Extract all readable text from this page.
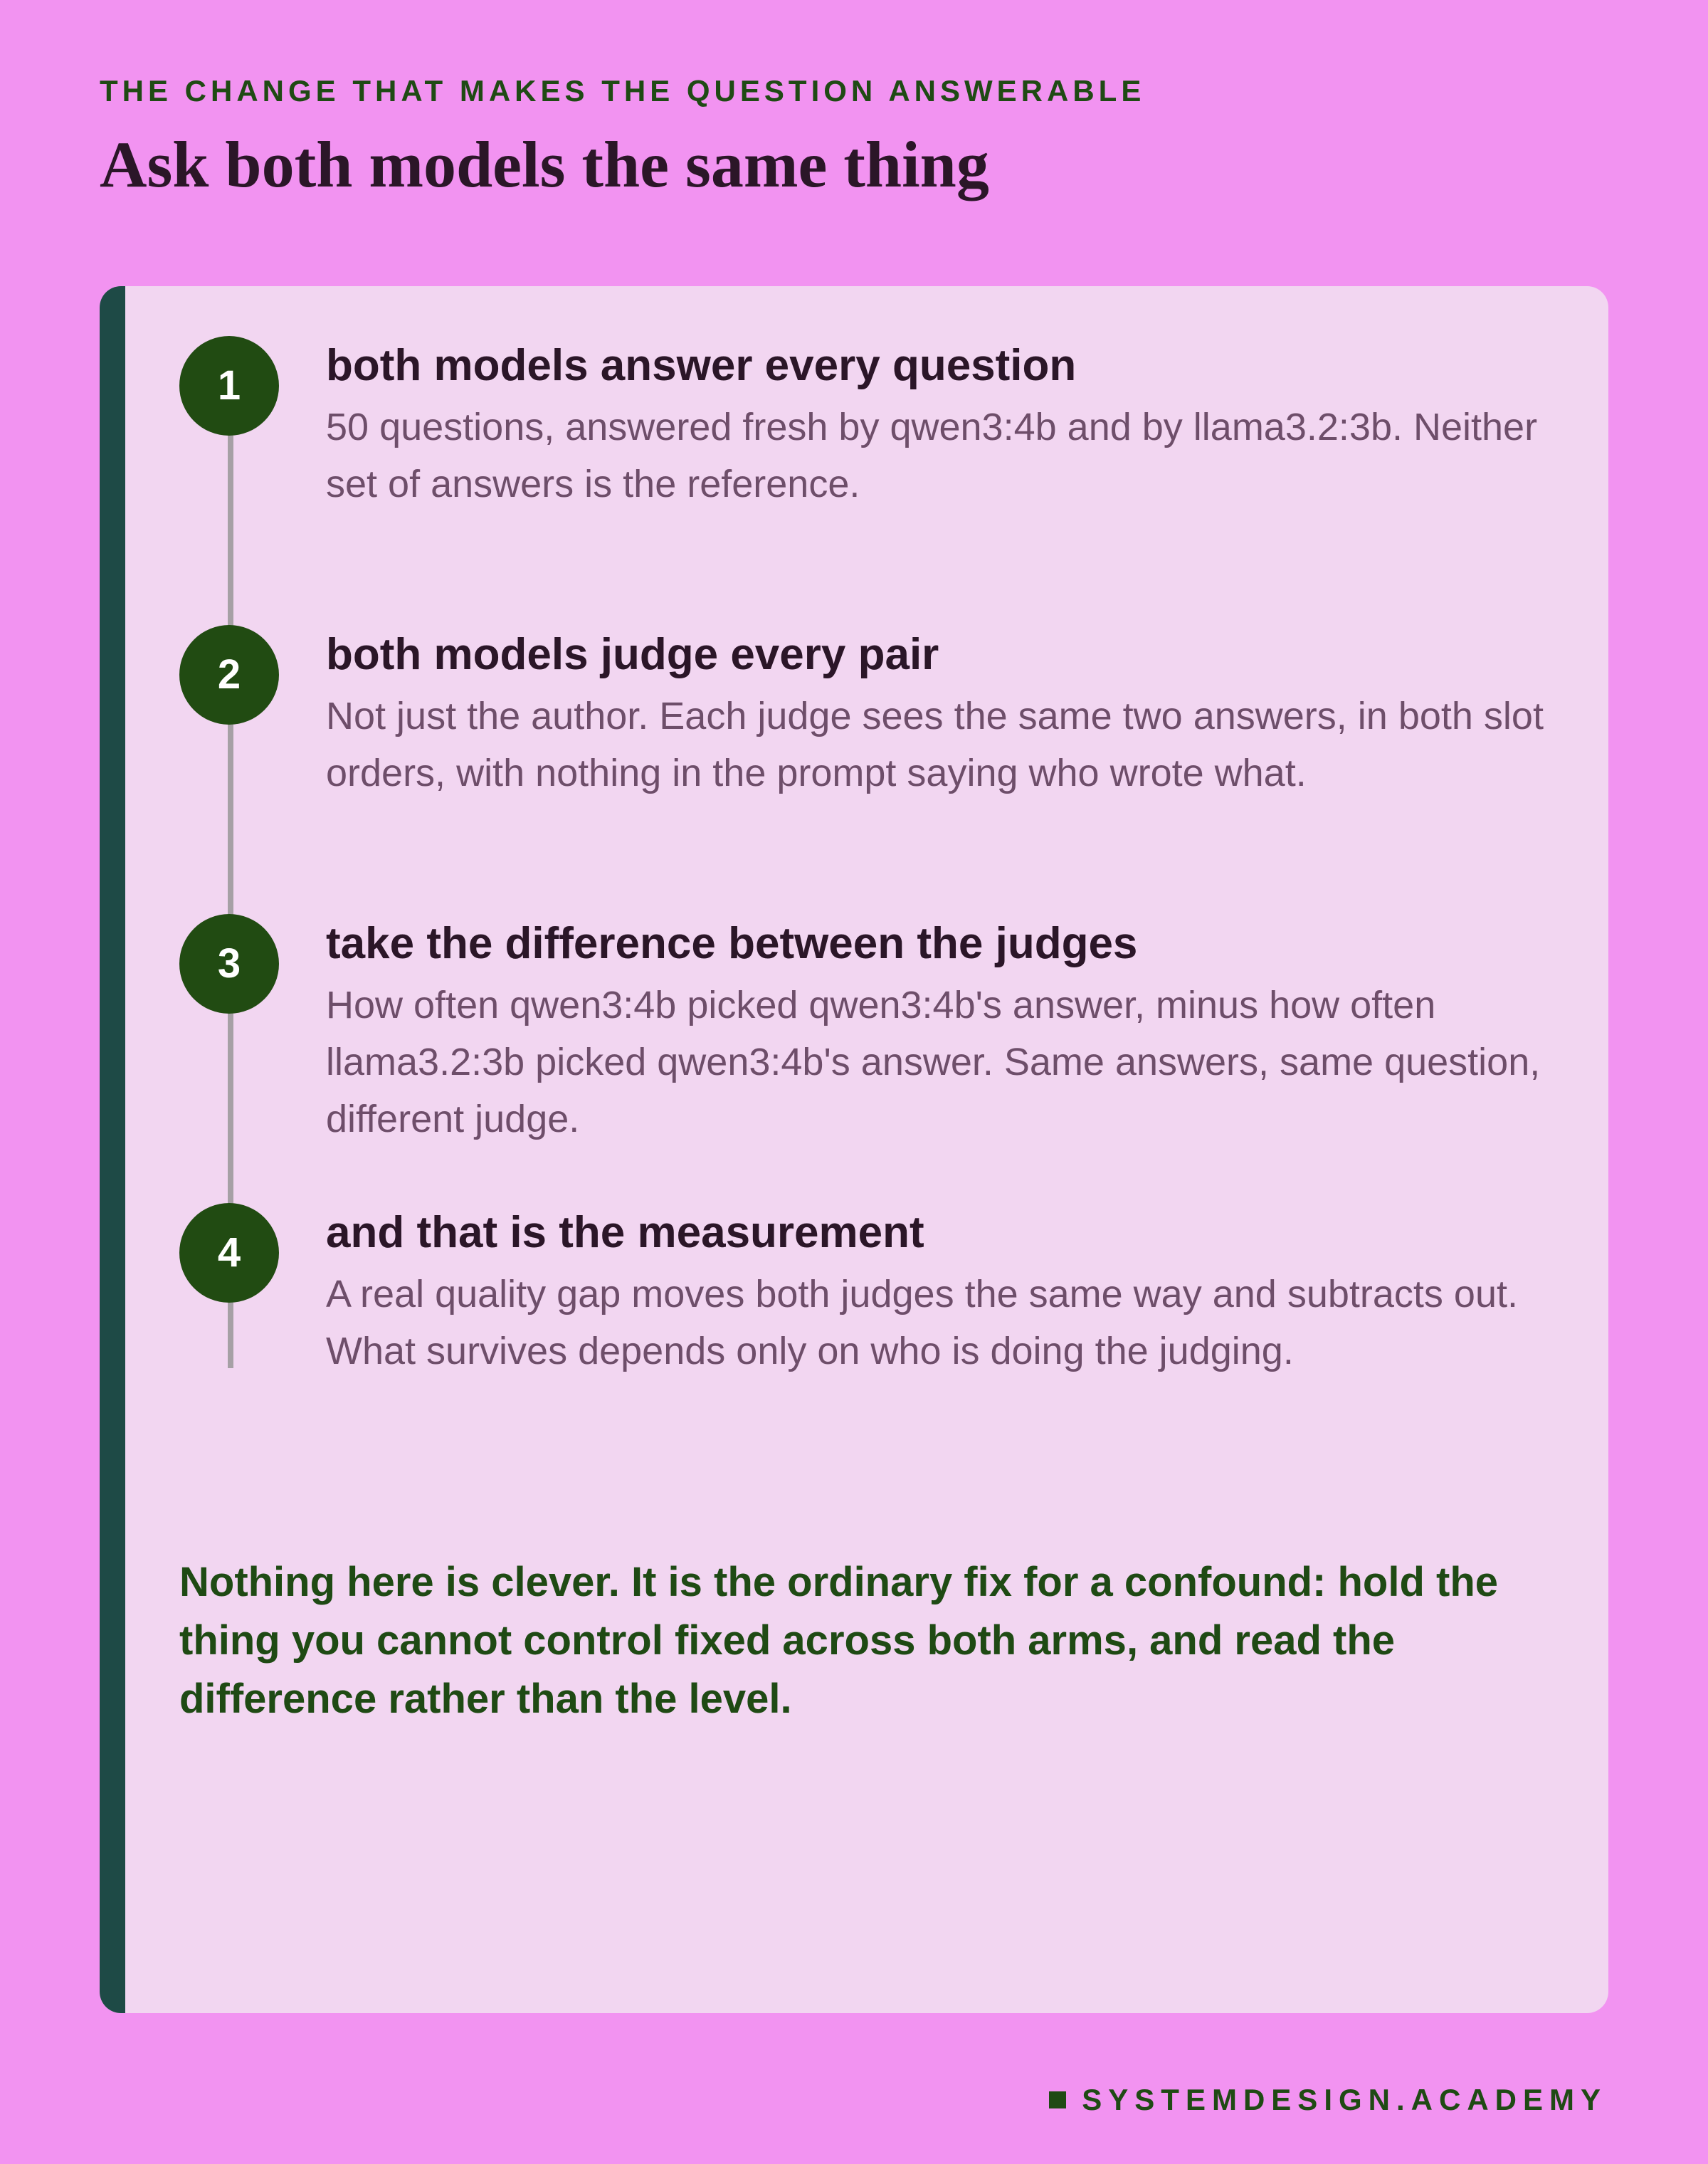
THE CHANGE THAT MAKES THE QUESTION ANSWERABLE
Ask both models the same thing
1	both models answer every question
50 questions, answered fresh by qwen3:4b and by llama3.2:3b. Neither set of answers is the reference.
2	both models judge every pair
Not just the author. Each judge sees the same two answers, in both slot orders, with nothing in the prompt saying who wrote what.
3	take the difference between the judges
How often qwen3:4b picked qwen3:4b's answer, minus how often llama3.2:3b picked qwen3:4b's answer. Same answers, same question, different judge.
4	and that is the measurement
A real quality gap moves both judges the same way and subtracts out. What survives depends only on who is doing the judging.
Nothing here is clever. It is the ordinary fix for a confound: hold the thing you cannot control fixed across both arms, and read the difference rather than the level.
SYSTEMDESIGN.ACADEMY
